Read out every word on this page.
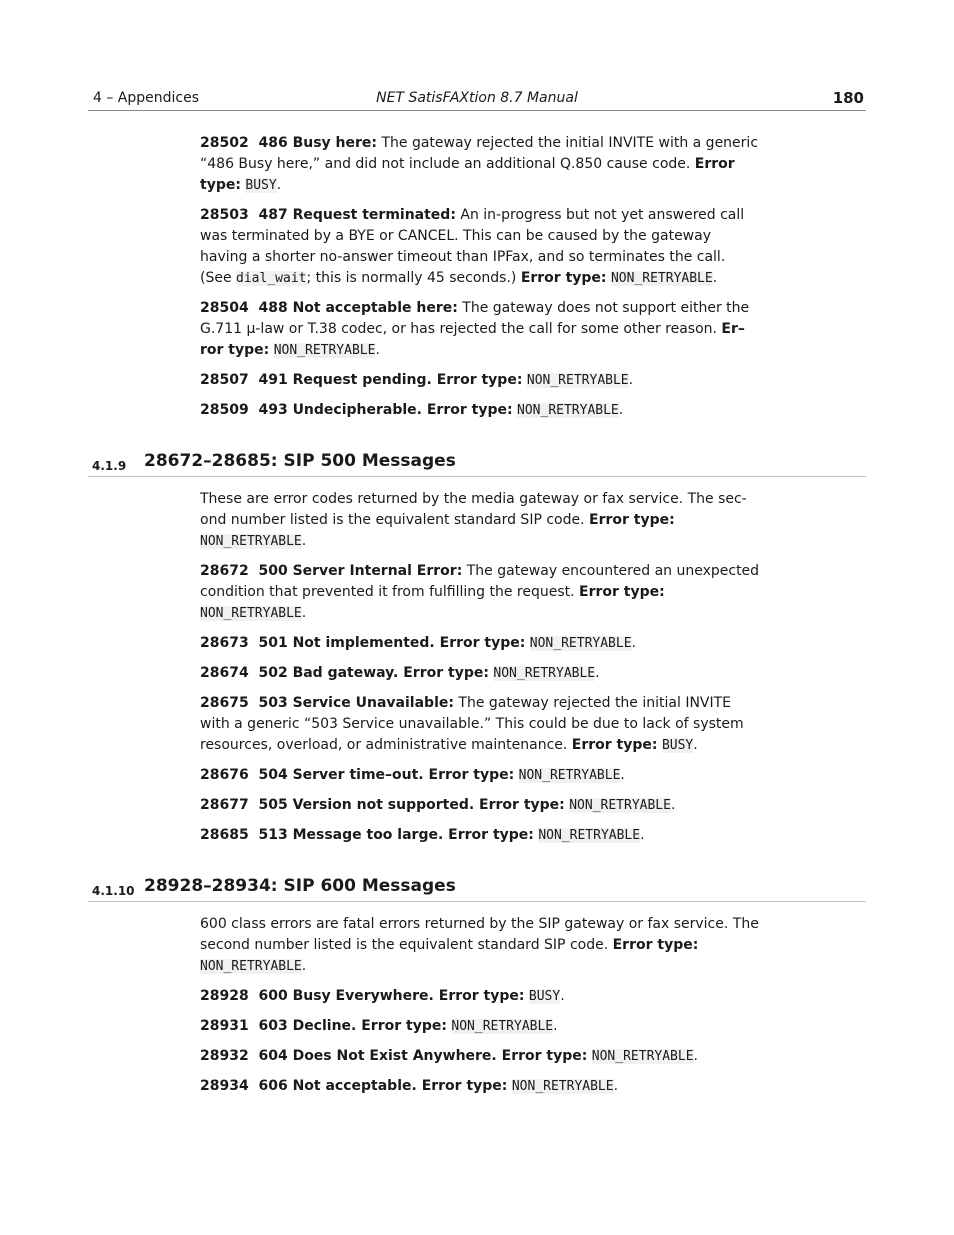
4 – Appendices	NET SatisFAXtion 8.7 Manual	180

28502 486 Busy here: The gateway rejected the initial INVITE with a generic “486 Busy here,” and did not include an additional Q.850 cause code. Error type: BUSY.

28503 487 Request terminated: An in-progress but not yet answered call was terminated by a BYE or CANCEL. This can be caused by the gateway having a shorter no-answer timeout than IPFax, and so terminates the call. (See dial_wait; this is normally 45 seconds.) Error type: NON_RETRYABLE.

28504 488 Not acceptable here: The gateway does not support either the G.711 μ-law or T.38 codec, or has rejected the call for some other reason. Er–ror type: NON_RETRYABLE.

28507 491 Request pending. Error type: NON_RETRYABLE.

28509 493 Undecipherable. Error type: NON_RETRYABLE.

4.1.9 28672–28685: SIP 500 Messages

These are error codes returned by the media gateway or fax service. The sec-ond number listed is the equivalent standard SIP code. Error type:
NON_RETRYABLE.

28672 500 Server Internal Error: The gateway encountered an unexpected condition that prevented it from fulfilling the request. Error type:
NON_RETRYABLE.

28673 501 Not implemented. Error type: NON_RETRYABLE.

28674 502 Bad gateway. Error type: NON_RETRYABLE.

28675 503 Service Unavailable: The gateway rejected the initial INVITE with a generic “503 Service unavailable.” This could be due to lack of system resources, overload, or administrative maintenance. Error type: BUSY.

28676 504 Server time–out. Error type: NON_RETRYABLE.

28677 505 Version not supported. Error type: NON_RETRYABLE.

28685 513 Message too large. Error type: NON_RETRYABLE.

4.1.10 28928–28934: SIP 600 Messages

600 class errors are fatal errors returned by the SIP gateway or fax service. The second number listed is the equivalent standard SIP code. Error type:
NON_RETRYABLE.

28928 600 Busy Everywhere. Error type: BUSY.

28931 603 Decline. Error type: NON_RETRYABLE.

28932 604 Does Not Exist Anywhere. Error type: NON_RETRYABLE.

28934 606 Not acceptable. Error type: NON_RETRYABLE.
